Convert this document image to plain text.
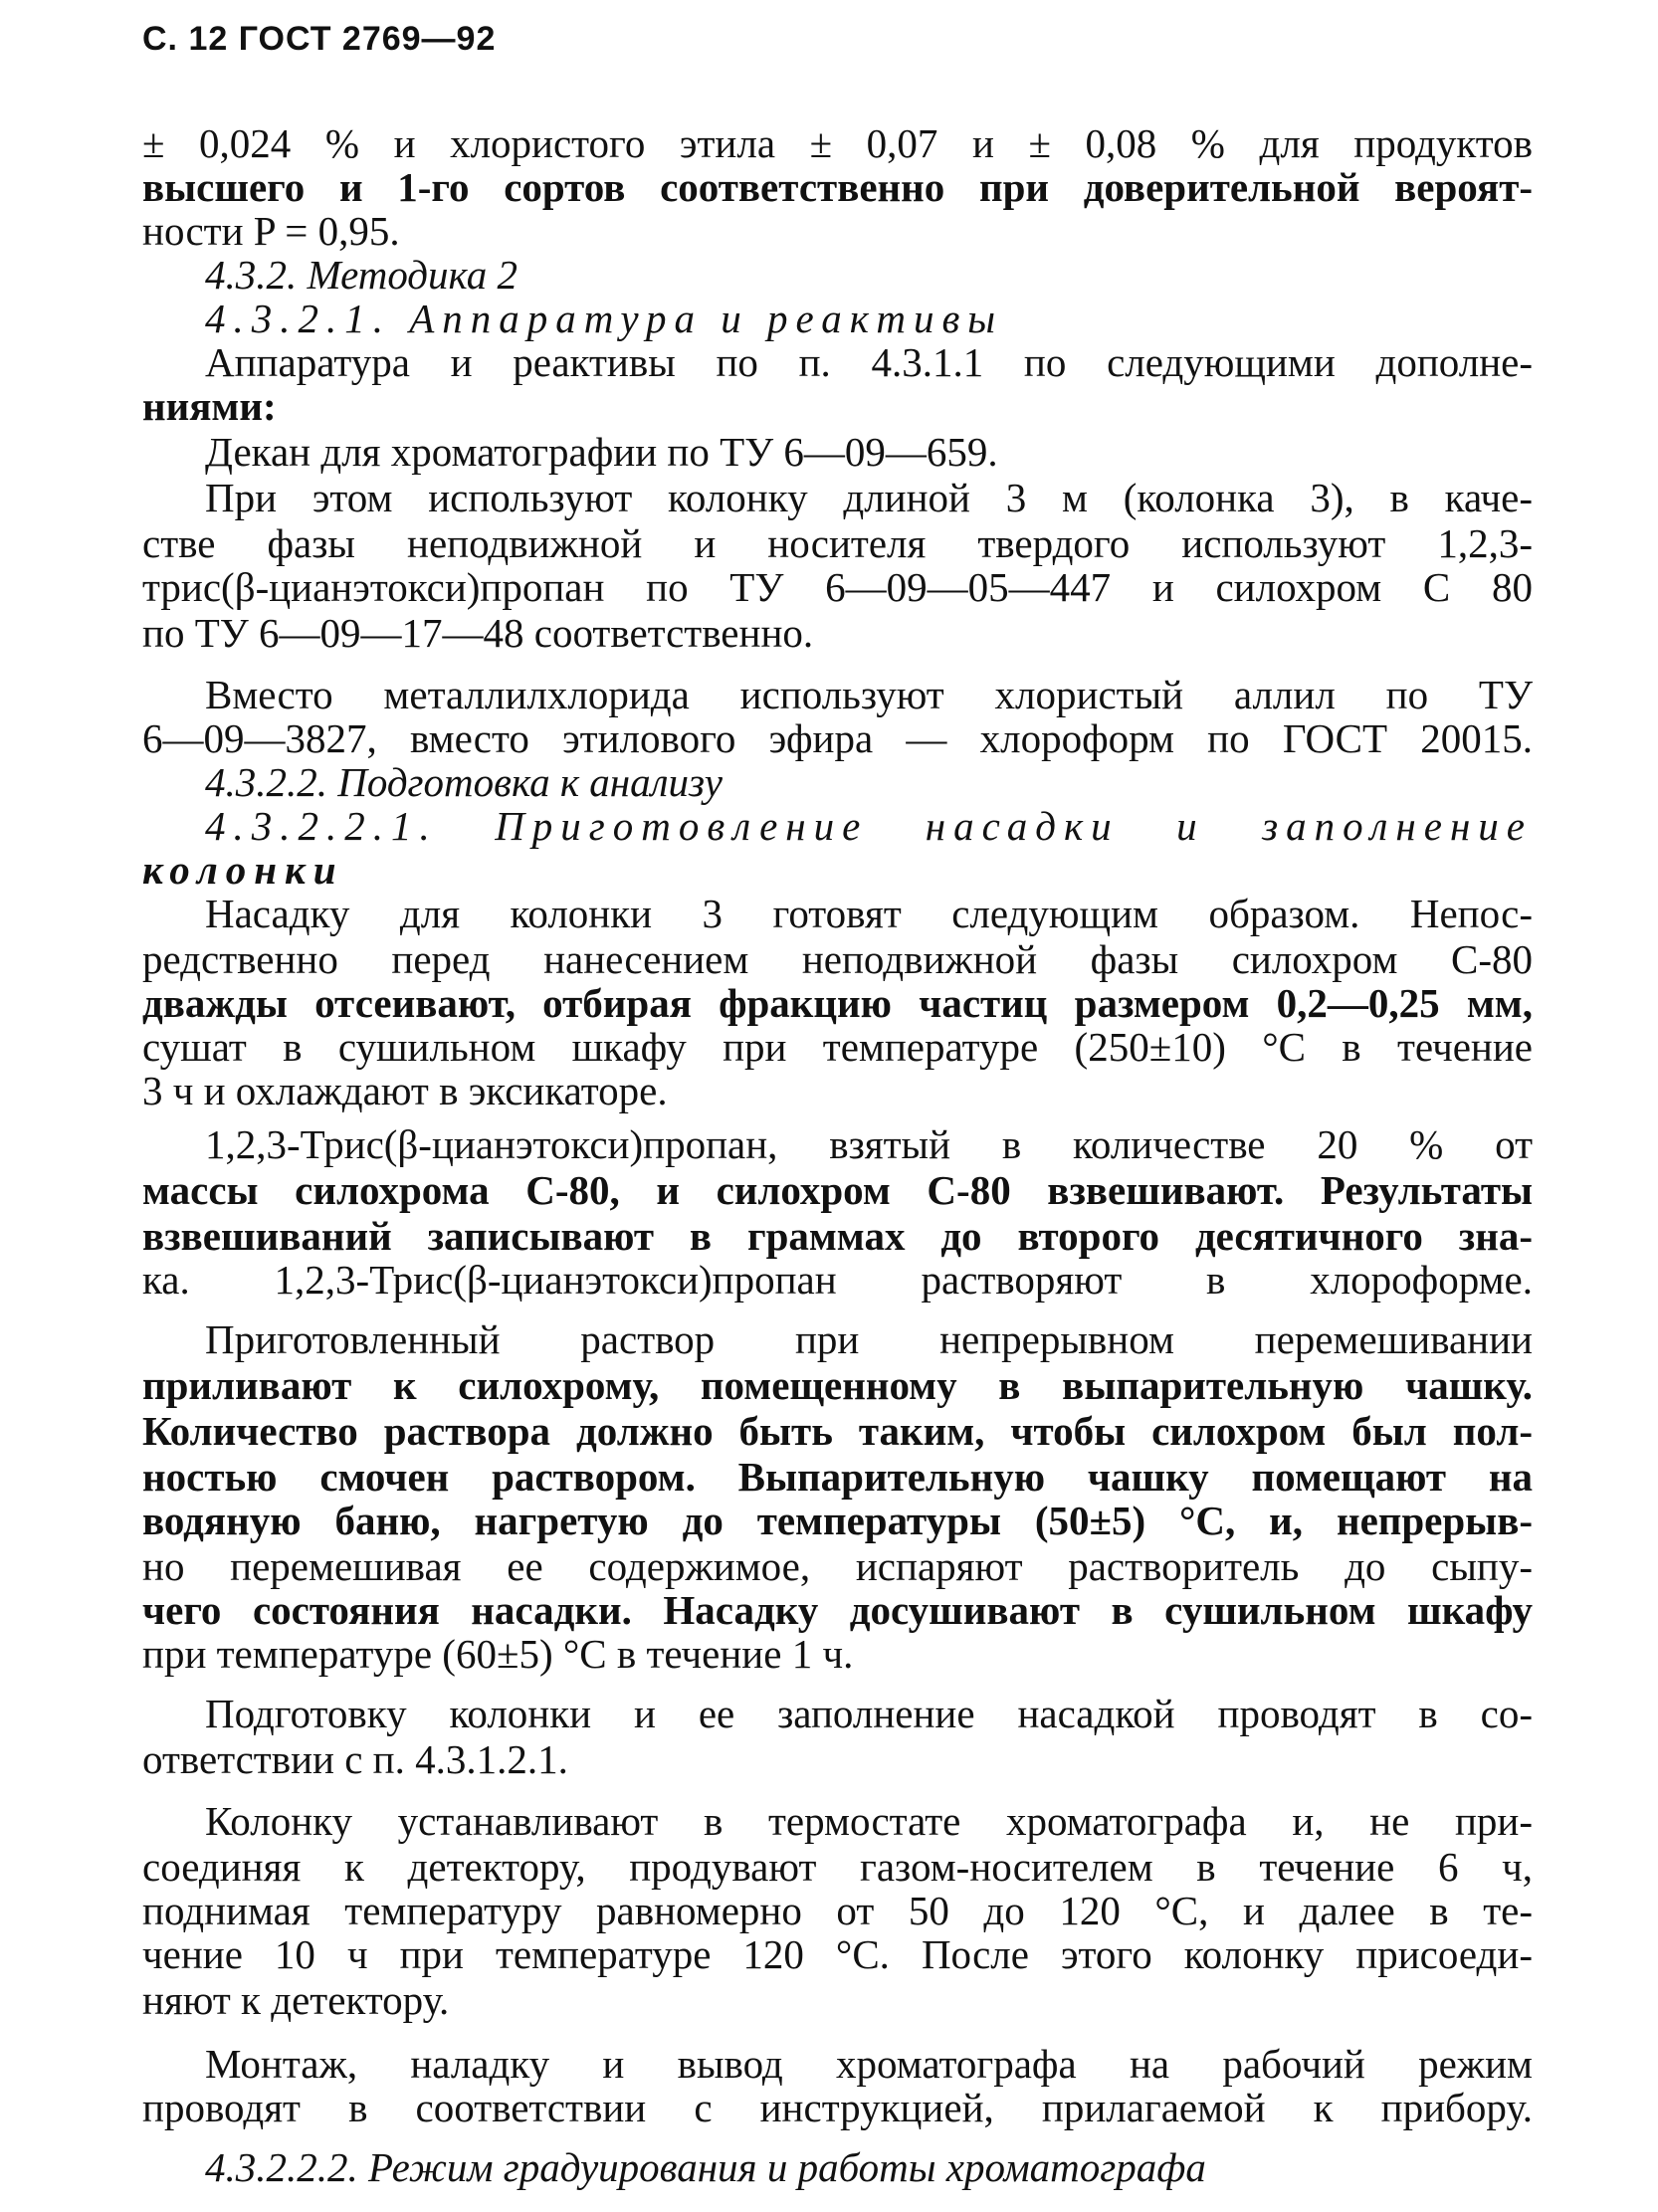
С. 12 ГОСТ 2769—92
± 0,024 % и хлористого этила ± 0,07 и ± 0,08 % для продуктов
высшего и 1-го сортов соответственно при доверительной вероят-
ности P = 0,95.
4.3.2. Методика 2
4.3.2.1. Аппаратура и реактивы
Аппаратура и реактивы по п. 4.3.1.1 по следующими дополне-
ниями:
Декан для хроматографии по ТУ 6—09—659.
При этом используют колонку длиной 3 м (колонка 3), в каче-
стве фазы неподвижной и носителя твердого используют 1,2,3-
трис(β-цианэтокси)пропан по ТУ 6—09—05—447 и силохром С 80
по ТУ 6—09—17—48 соответственно.
Вместо металлилхлорида используют хлористый аллил по ТУ
6—09—3827, вместо этилового эфира — хлороформ по ГОСТ 20015.
4.3.2.2. Подготовка к анализу
4.3.2.2.1. Приготовление насадки и заполнение
колонки
Насадку для колонки 3 готовят следующим образом. Непос-
редственно перед нанесением неподвижной фазы силохром С-80
дважды отсеивают, отбирая фракцию частиц размером 0,2—0,25 мм,
сушат в сушильном шкафу при температуре (250±10) °С в течение
3 ч и охлаждают в эксикаторе.
1,2,3-Трис(β-цианэтокси)пропан, взятый в количестве 20 % от
массы силохрома С-80, и силохром С-80 взвешивают. Результаты
взвешиваний записывают в граммах до второго десятичного зна-
ка. 1,2,3-Трис(β-цианэтокси)пропан растворяют в хлороформе.
Приготовленный раствор при непрерывном перемешивании
приливают к силохрому, помещенному в выпарительную чашку.
Количество раствора должно быть таким, чтобы силохром был пол-
ностью смочен раствором. Выпарительную чашку помещают на
водяную баню, нагретую до температуры (50±5) °С, и, непрерыв-
но перемешивая ее содержимое, испаряют растворитель до сыпу-
чего состояния насадки. Насадку досушивают в сушильном шкафу
при температуре (60±5) °С в течение 1 ч.
Подготовку колонки и ее заполнение насадкой проводят в со-
ответствии с п. 4.3.1.2.1.
Колонку устанавливают в термостате хроматографа и, не при-
соединяя к детектору, продувают газом-носителем в течение 6 ч,
поднимая температуру равномерно от 50 до 120 °С, и далее в те-
чение 10 ч при температуре 120 °С. После этого колонку присоеди-
няют к детектору.
Монтаж, наладку и вывод хроматографа на рабочий режим
проводят в соответствии с инструкцией, прилагаемой к прибору.
4.3.2.2.2. Режим градуирования и работы хроматографа
